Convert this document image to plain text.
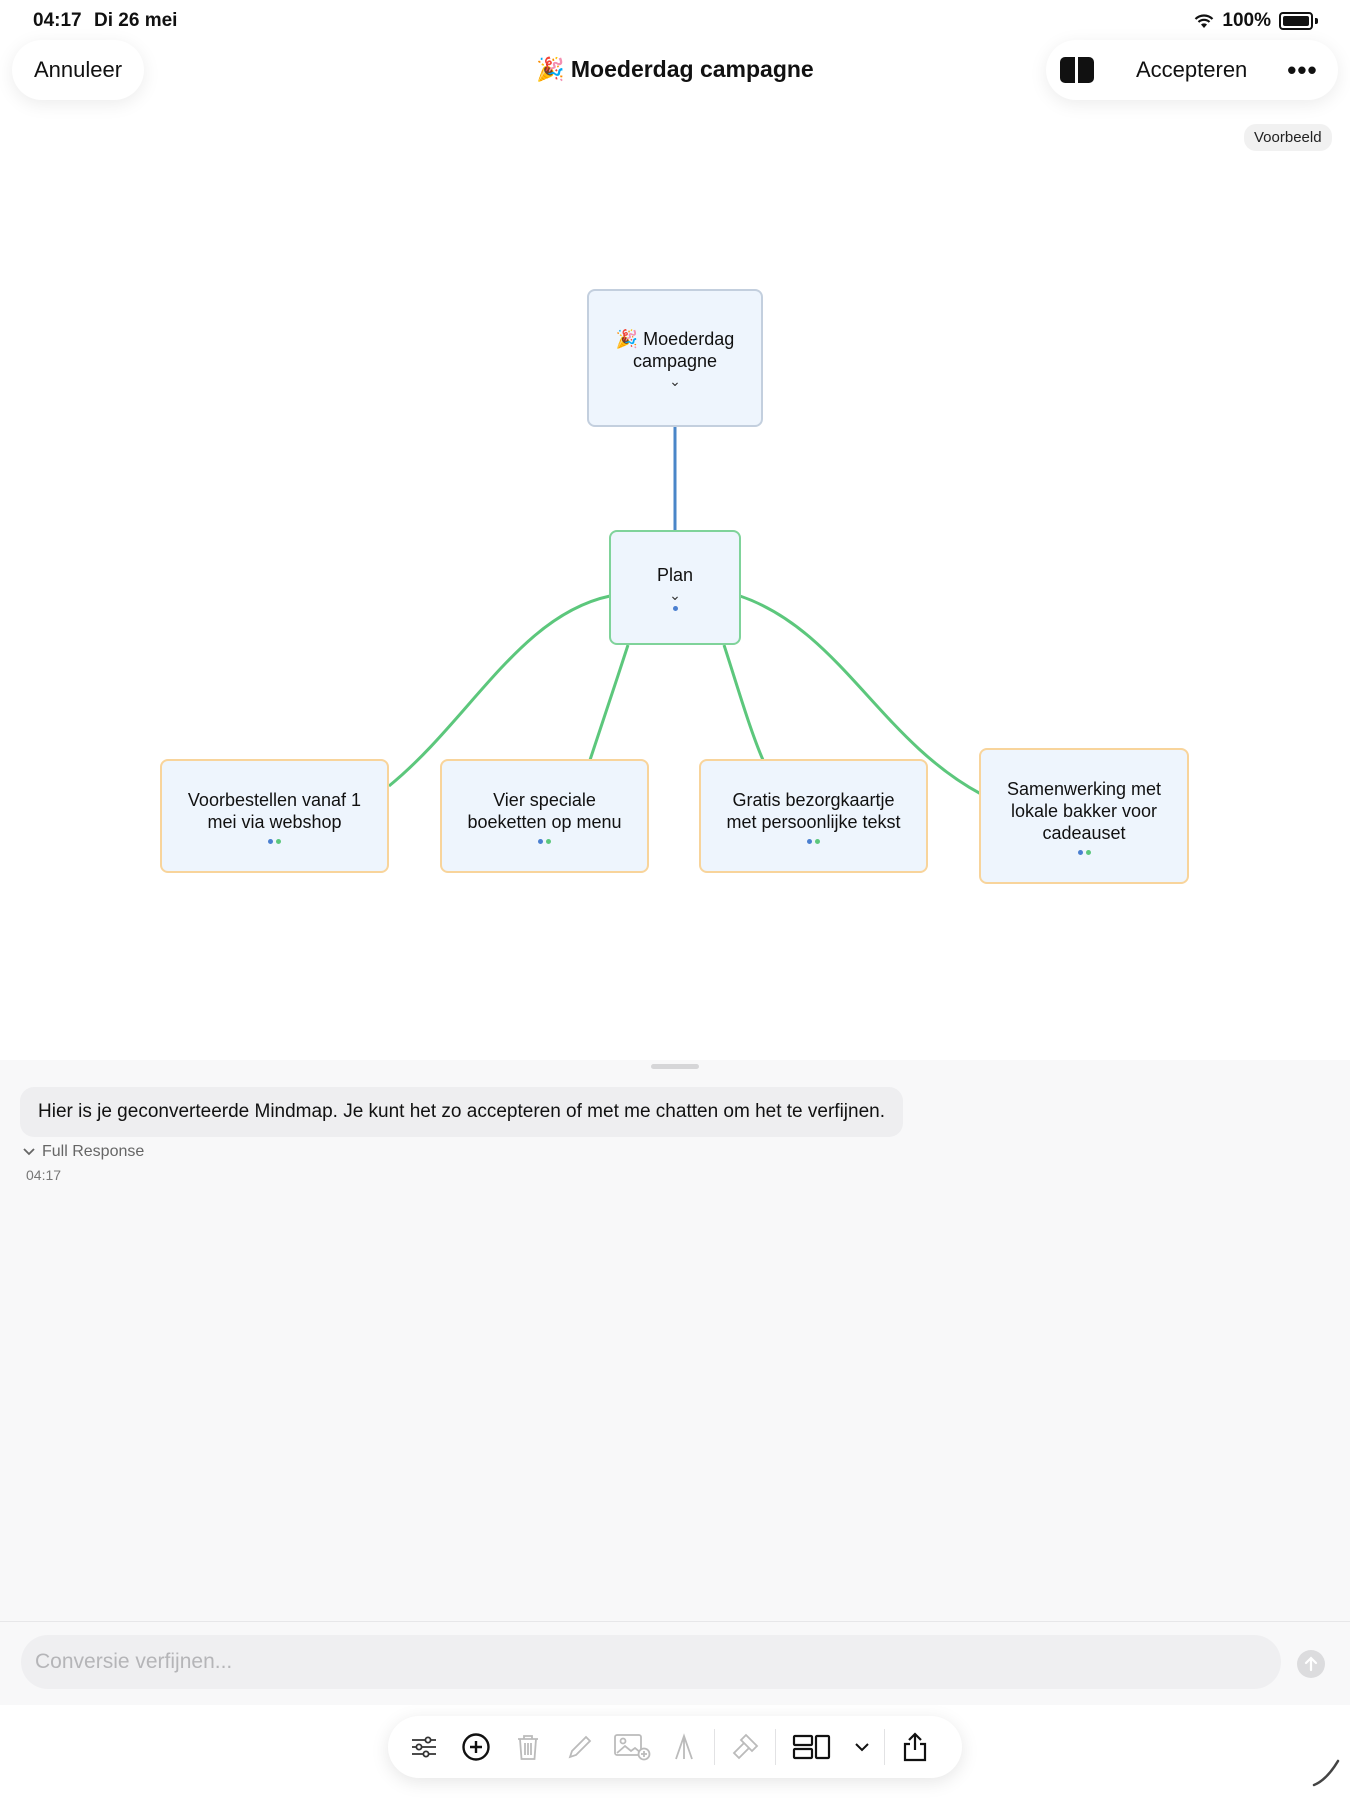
04:17 Di 26 mei	100%
Annuleer	🎉 Moederdag campagne	Accepteren •••
Voorbeeld
🎉 Moederdag
campagne
⌄
Plan
⌄
Voorbestellen vanaf 1
mei via webshop
Vier speciale
boeketten op menu
Gratis bezorgkaartje
met persoonlijke tekst
Samenwerking met
lokale bakker voor
cadeauset
Hier is je geconverteerde Mindmap. Je kunt het zo accepteren of met me chatten om het te verfijnen.
Full Response
04:17
Conversie verfijnen...
